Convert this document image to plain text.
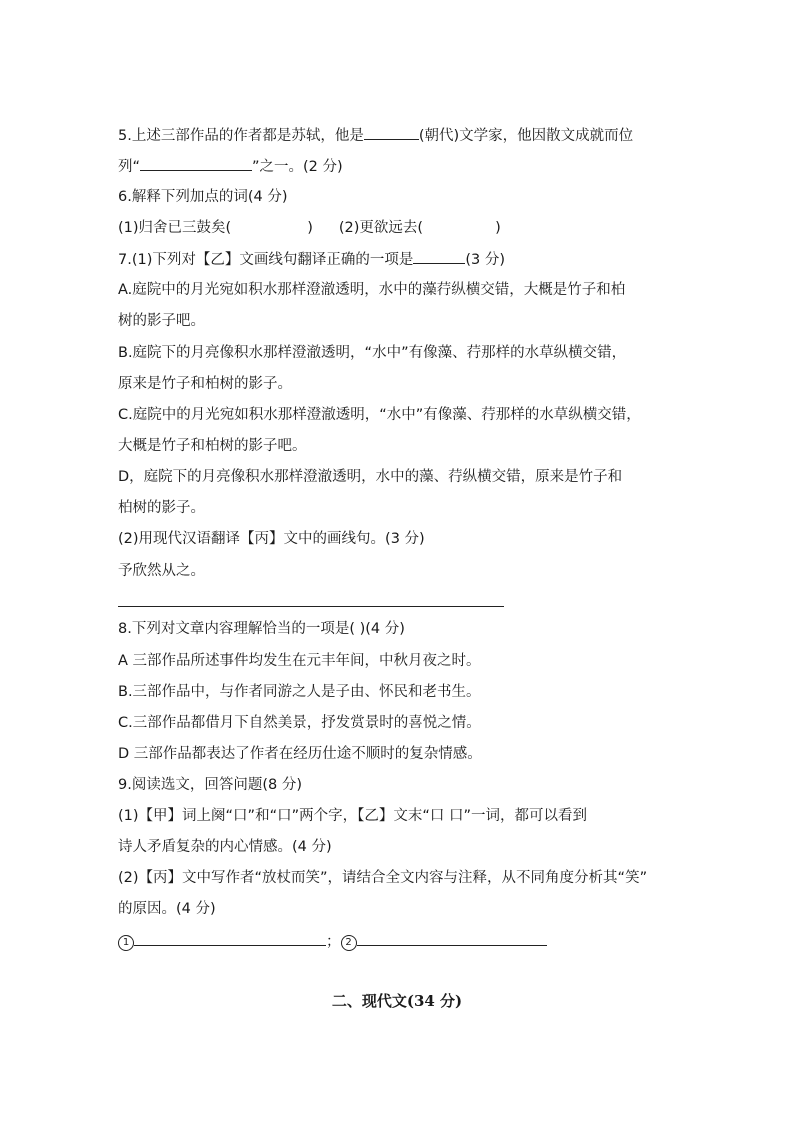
5.上述三部作品的作者都是苏轼，他是	(朝代)文学家，他因散文成就而位
列“	”之一。(2 分)
6.解释下列加点的词(4 分)
(1)归舍已三鼓矣(	) (2)更欲远去(	)
7.(1)下列对【乙】文画线句翻译正确的一项是	(3 分)
A.庭院中的月光宛如积水那样澄澈透明，水中的藻荇纵横交错，大概是竹子和柏
树的影子吧。
B.庭院下的月亮像积水那样澄澈透明，“水中”有像藻、荇那样的水草纵横交错，
原来是竹子和柏树的影子。
C.庭院中的月光宛如积水那样澄澈透明，“水中”有像藻、荇那样的水草纵横交错，
大概是竹子和柏树的影子吧。
D，庭院下的月亮像积水那样澄澈透明，水中的藻、荇纵横交错，原来是竹子和
柏树的影子。
(2)用现代汉语翻译【丙】文中的画线句。(3 分)
予欣然从之。
8.下列对文章内容理解恰当的一项是( )(4 分)
A 三部作品所述事件均发生在元丰年间，中秋月夜之时。
B.三部作品中，与作者同游之人是子由、怀民和老书生。
C.三部作品都借月下自然美景，抒发赏景时的喜悦之情。
D 三部作品都表达了作者在经历仕途不顺时的复杂情感。
9.阅读选文，回答问题(8 分)
(1)【甲】词上阕“口”和“口”两个字，【乙】文末“口 口”一词，都可以看到
诗人矛盾复杂的内心情感。(4 分)
(2)【丙】文中写作者“放杖而笑”，请结合全文内容与注释，从不同角度分析其“笑”
的原因。(4 分)
1	； 2
二、现代文(34 分)
